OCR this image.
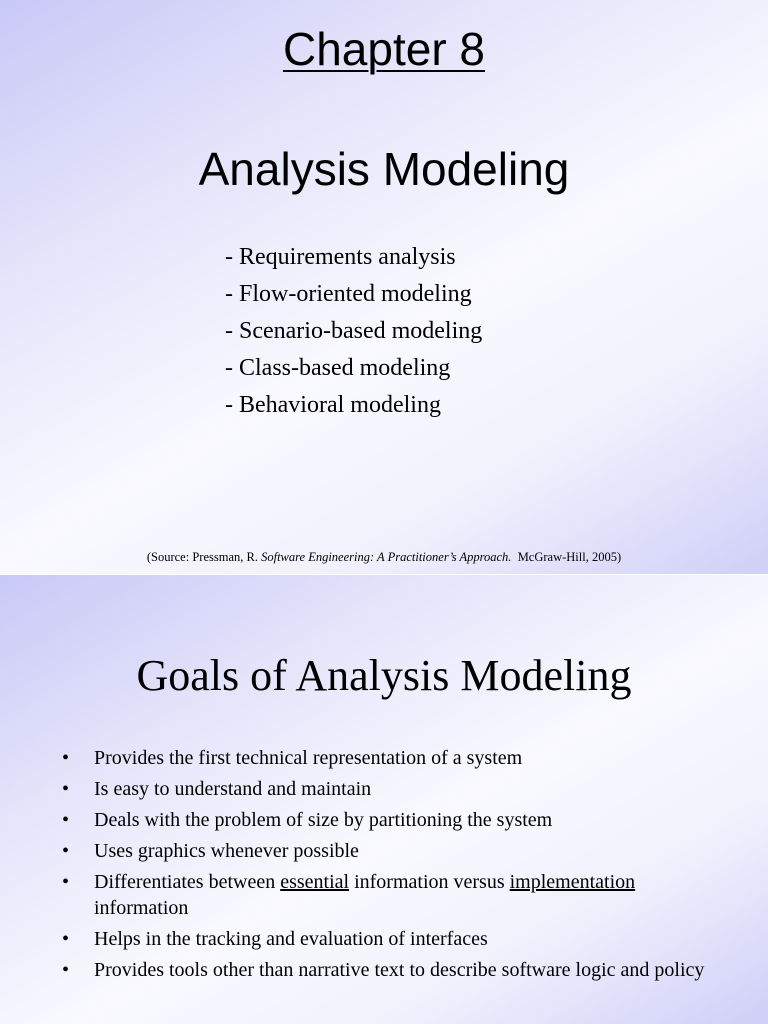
Chapter 8
Analysis Modeling
- Requirements analysis
- Flow-oriented modeling
- Scenario-based modeling
- Class-based modeling
- Behavioral modeling
(Source: Pressman, R. Software Engineering: A Practitioner’s Approach.  McGraw-Hill, 2005)
Goals of Analysis Modeling
• Provides the first technical representation of a system
• Is easy to understand and maintain
• Deals with the problem of size by partitioning the system
• Uses graphics whenever possible
• Differentiates between essential information versus implementation information
• Helps in the tracking and evaluation of interfaces
• Provides tools other than narrative text to describe software logic and policy
